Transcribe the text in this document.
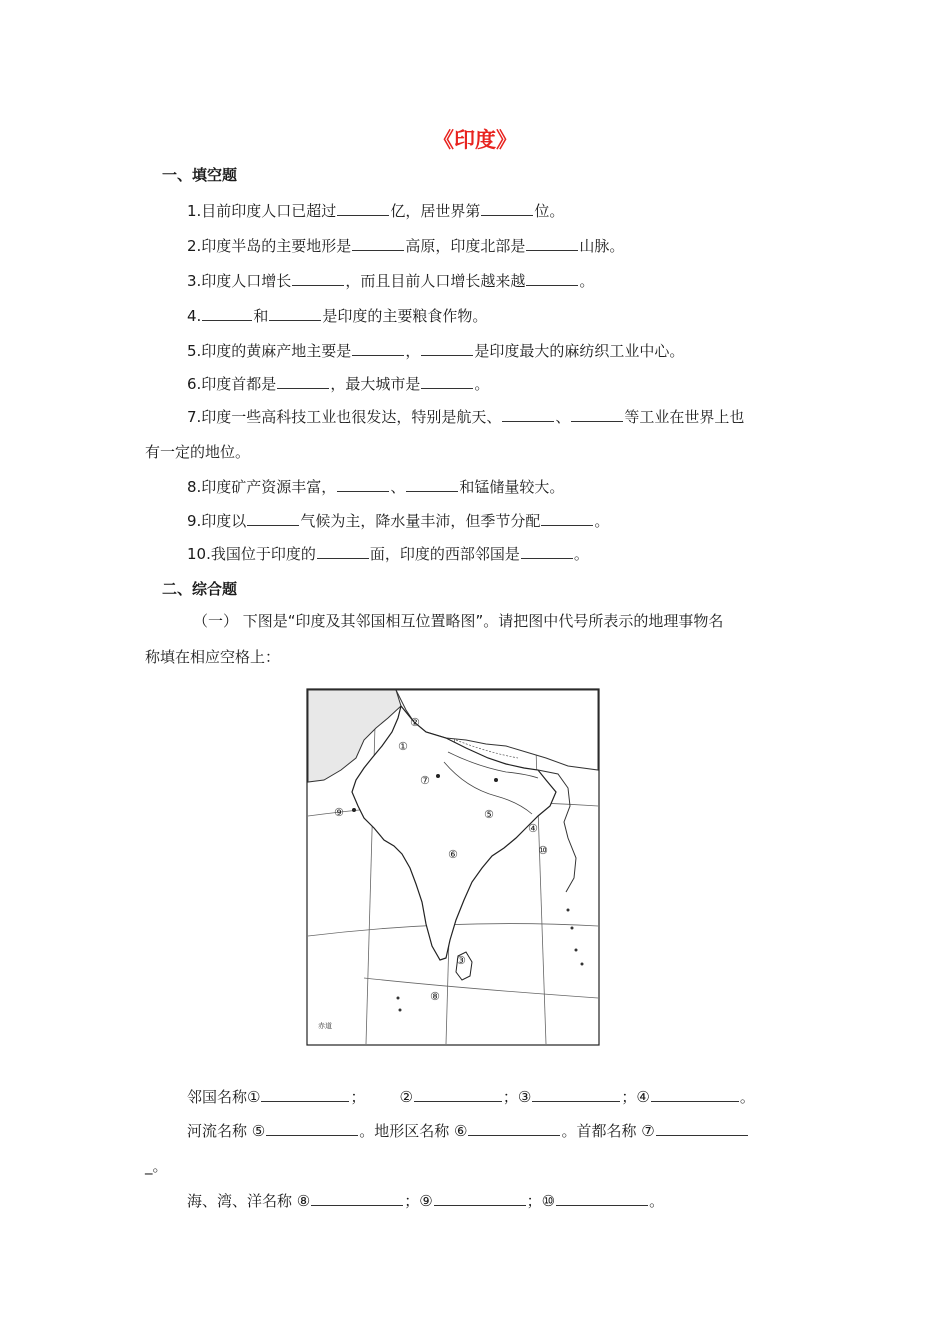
《印度》
一、填空题
1.目前印度人口已超过	亿，居世界第	位。
2.印度半岛的主要地形是	高原，印度北部是	山脉。
3.印度人口增长	，而且目前人口增长越来越	。
4.	和	是印度的主要粮食作物。
5.印度的黄麻产地主要是	，	是印度最大的麻纺织工业中心。
6.印度首都是	，最大城市是	。
7.印度一些高科技工业也很发达，特别是航天、	、	等工业在世界上也
有一定的地位。
8.印度矿产资源丰富，	、	和锰储量较大。
9.印度以	气候为主，降水量丰沛，但季节分配	。
10.我国位于印度的	面，印度的西部邻国是	。
二、综合题
（一） 下图是“印度及其邻国相互位置略图”。请把图中代号所表示的地理事物名
称填在相应空格上：
赤道
①
②
③
④
⑤
⑥
⑦
⑧
⑨
⑩
邻国名称①	； ②	；③	；④	。
河流名称 ⑤	。地形区名称 ⑥	。首都名称 ⑦
_。
海、湾、洋名称 ⑧	；⑨	；⑩	。
